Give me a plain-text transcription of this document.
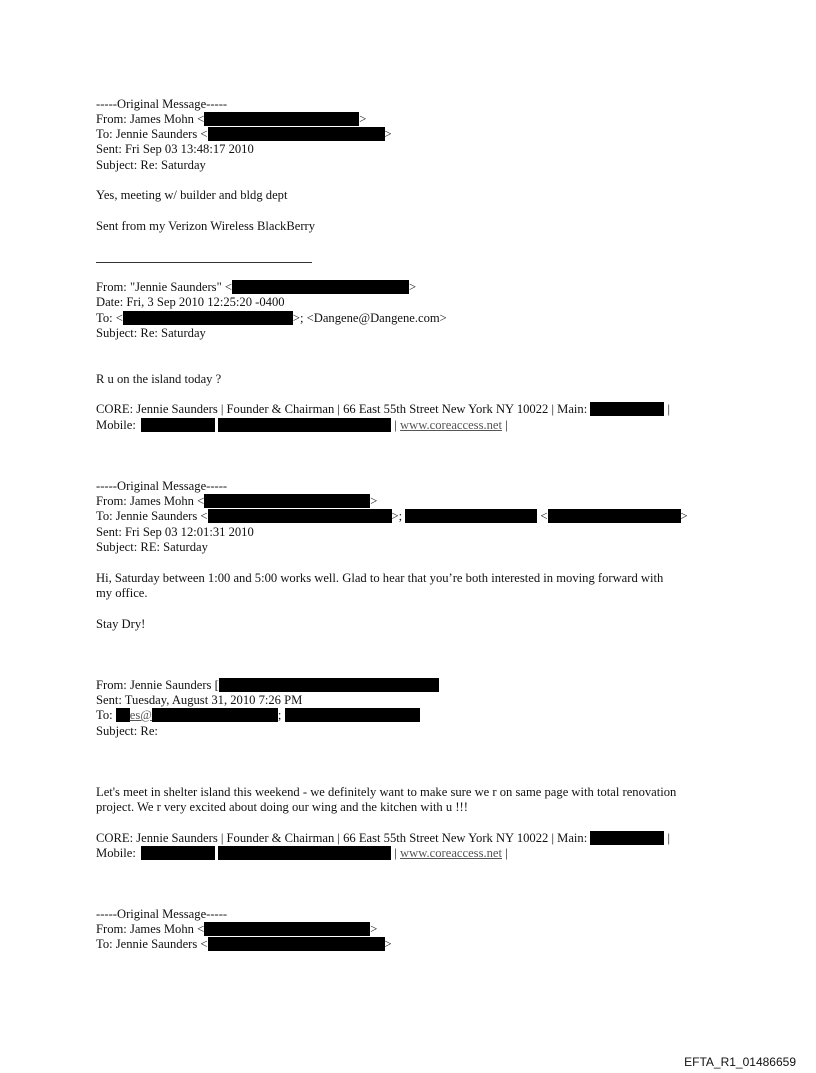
-----Original Message-----
From: James Mohn <	>
To: Jennie Saunders <	>
Sent: Fri Sep 03 13:48:17 2010
Subject: Re: Saturday
Yes, meeting w/ builder and bldg dept
Sent from my Verizon Wireless BlackBerry
From: "Jennie Saunders" <	>
Date: Fri, 3 Sep 2010 12:25:20 -0400
To: <	>; <Dangene@Dangene.com>
Subject: Re: Saturday
R u on the island today ?
CORE: Jennie Saunders | Founder & Chairman | 66 East 55th Street New York NY 10022 | Main:	|
Mobile:	| www.coreaccess.net |
-----Original Message-----
From: James Mohn <	>
To: Jennie Saunders <	>;	<	>
Sent: Fri Sep 03 12:01:31 2010
Subject: RE: Saturday
Hi, Saturday between 1:00 and 5:00 works well. Glad to hear that you’re both interested in moving forward with
my office.
Stay Dry!
From: Jennie Saunders [
Sent: Tuesday, August 31, 2010 7:26 PM
To: es@	;
Subject: Re:
Let's meet in shelter island this weekend - we definitely want to make sure we r on same page with total renovation
project. We r very excited about doing our wing and the kitchen with u !!!
CORE: Jennie Saunders | Founder & Chairman | 66 East 55th Street New York NY 10022 | Main:	|
Mobile:	| www.coreaccess.net |
-----Original Message-----
From: James Mohn <	>
To: Jennie Saunders <	>
EFTA_R1_01486659
